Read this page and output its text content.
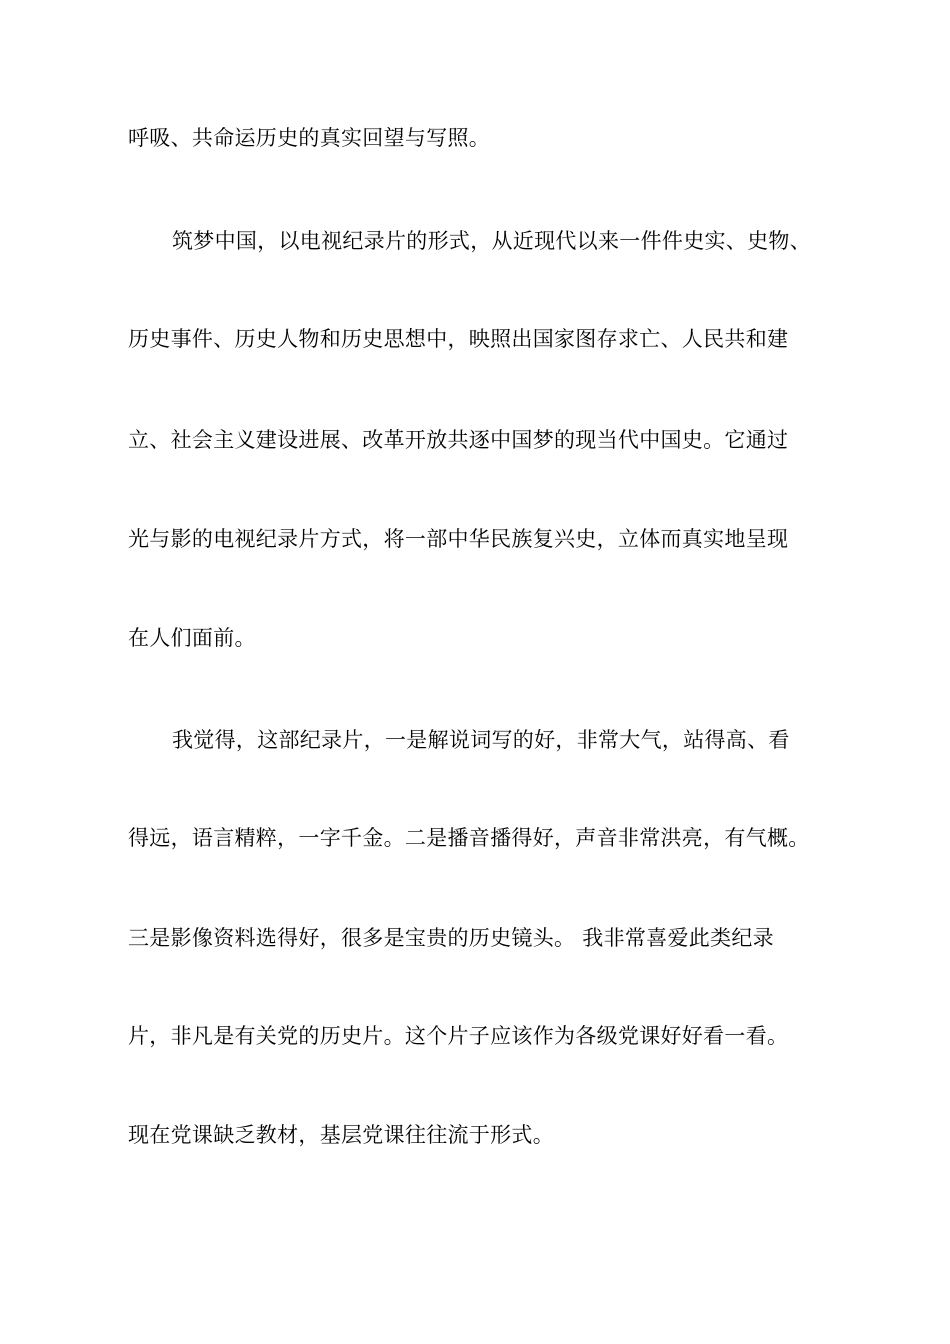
呼吸、共命运历史的真实回望与写照。
筑梦中国，以电视纪录片的形式，从近现代以来一件件史实、史物、
历史事件、历史人物和历史思想中，映照出国家图存求亡、人民共和建
立、社会主义建设进展、改革开放共逐中国梦的现当代中国史。它通过
光与影的电视纪录片方式，将一部中华民族复兴史，立体而真实地呈现
在人们面前。
我觉得，这部纪录片，一是解说词写的好，非常大气，站得高、看
得远，语言精粹，一字千金。二是播音播得好，声音非常洪亮，有气概。
三是影像资料选得好，很多是宝贵的历史镜头。 我非常喜爱此类纪录
片，非凡是有关党的历史片。这个片子应该作为各级党课好好看一看。
现在党课缺乏教材，基层党课往往流于形式。
